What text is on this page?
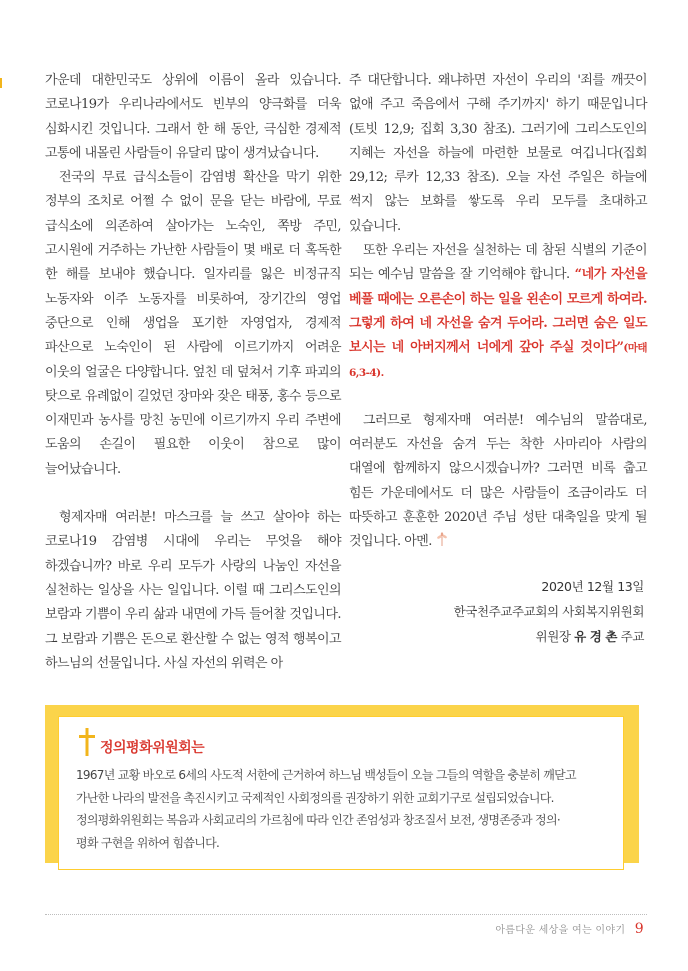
가운데 대한민국도 상위에 이름이 올라 있습니다. 코로나19가 우리나라에서도 빈부의 양극화를 더욱 심화시킨 것입니다. 그래서 한 해 동안, 극심한 경제적 고통에 내몰린 사람들이 유달리 많이 생겨났습니다.

전국의 무료 급식소들이 감염병 확산을 막기 위한 정부의 조치로 어쩔 수 없이 문을 닫는 바람에, 무료 급식소에 의존하여 살아가는 노숙인, 쪽방 주민, 고시원에 거주하는 가난한 사람들이 몇 배로 더 혹독한 한 해를 보내야 했습니다. 일자리를 잃은 비정규직 노동자와 이주 노동자를 비롯하여, 장기간의 영업 중단으로 인해 생업을 포기한 자영업자, 경제적 파산으로 노숙인이 된 사람에 이르기까지 어려운 이웃의 얼굴은 다양합니다. 엎친 데 덮쳐서 기후 파괴의 탓으로 유례없이 길었던 장마와 잦은 태풍, 홍수 등으로 이재민과 농사를 망친 농민에 이르기까지 우리 주변에 도움의 손길이 필요한 이웃이 참으로 많이 늘어났습니다.

형제자매 여러분! 마스크를 늘 쓰고 살아야 하는 코로나19 감염병 시대에 우리는 무엇을 해야 하겠습니까? 바로 우리 모두가 사랑의 나눔인 자선을 실천하는 일상을 사는 일입니다. 이럴 때 그리스도인의 보람과 기쁨이 우리 삶과 내면에 가득 들어찰 것입니다. 그 보람과 기쁨은 돈으로 환산할 수 없는 영적 행복이고 하느님의 선물입니다. 사실 자선의 위력은 아

주 대단합니다. 왜냐하면 자선이 우리의 '죄를 깨끗이 없애 주고 죽음에서 구해 주기까지' 하기 때문입니다(토빗 12,9; 집회 3,30 참조). 그러기에 그리스도인의 지혜는 자선을 하늘에 마련한 보물로 여깁니다(집회 29,12; 루카 12,33 참조). 오늘 자선 주일은 하늘에 썩지 않는 보화를 쌓도록 우리 모두를 초대하고 있습니다.

또한 우리는 자선을 실천하는 데 참된 식별의 기준이 되는 예수님 말씀을 잘 기억해야 합니다. “네가 자선을 베풀 때에는 오른손이 하는 일을 왼손이 모르게 하여라. 그렇게 하여 네 자선을 숨겨 두어라. 그러면 숨은 일도 보시는 네 아버지께서 너에게 갚아 주실 것이다”(마태 6,3-4).

그러므로 형제자매 여러분! 예수님의 말씀대로, 여러분도 자선을 숨겨 두는 착한 사마리아 사람의 대열에 함께하지 않으시겠습니까? 그러면 비록 춥고 힘든 가운데에서도 더 많은 사람들이 조금이라도 더 따뜻하고 훈훈한 2020년 주님 성탄 대축일을 맞게 될 것입니다. 아멘.

2020년 12월 13일
한국천주교주교회의 사회복지위원회
위원장 유 경 촌 주교
정의평화위원회는

1967년 교황 바오로 6세의 사도적 서한에 근거하여 하느님 백성들이 오늘 그들의 역할을 충분히 깨닫고

가난한 나라의 발전을 촉진시키고 국제적인 사회정의를 권장하기 위한 교회기구로 설립되었습니다.

정의평화위원회는 복음과 사회교리의 가르침에 따라 인간 존엄성과 창조질서 보전, 생명존중과 정의·

평화 구현을 위하여 힘씁니다.

아름다운 세상을 여는 이야기 9
